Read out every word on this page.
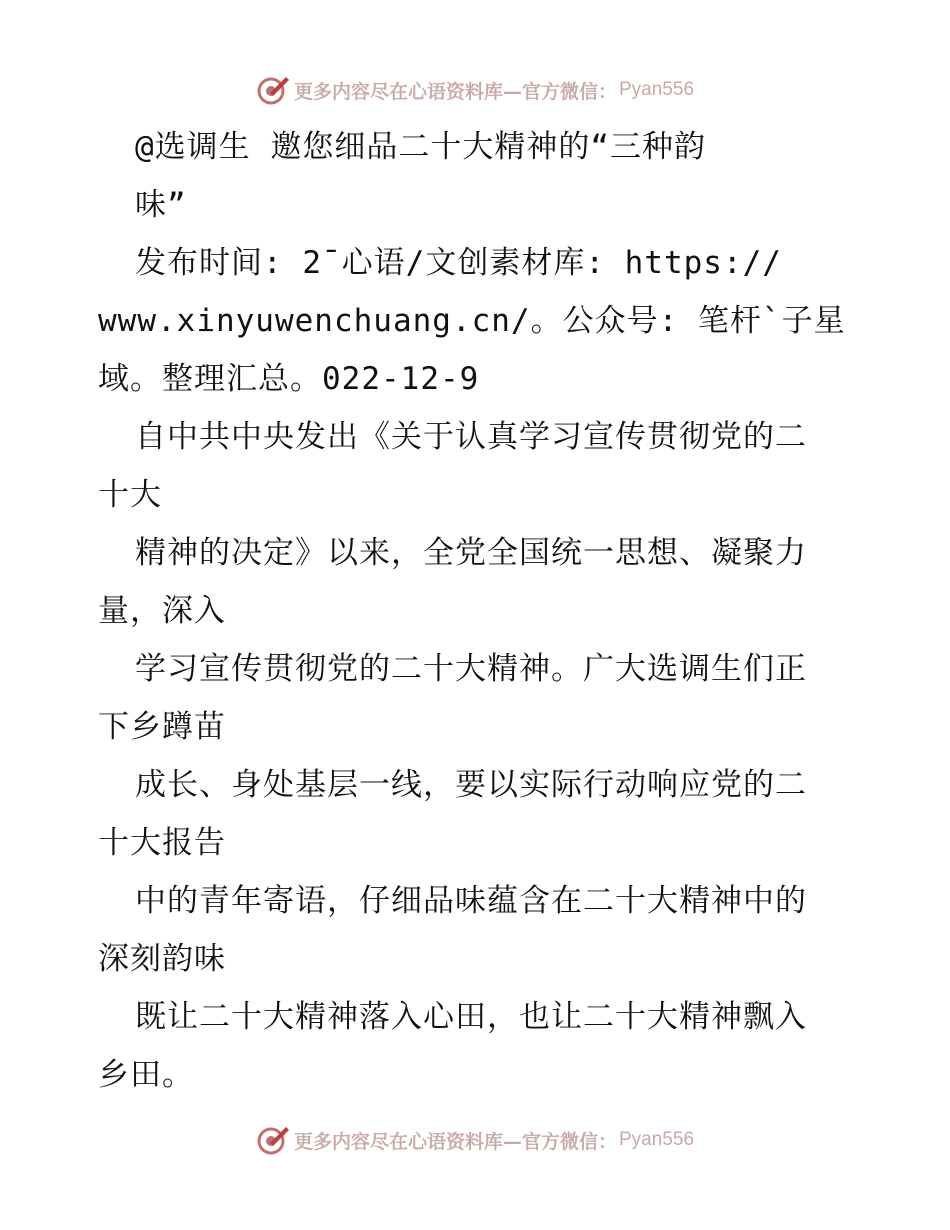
更多内容尽在心语资料库—官方微信： Pyan556
@选调生 邀您细品二十大精神的“三种韵
味”
发布时间: 2¯心语/文创素材库: https://
www.xinyuwenchuang.cn/。公众号: 笔杆`子星
域。整理汇总。022-12-9
自中共中央发出《关于认真学习宣传贯彻党的二
十大
精神的决定》以来，全党全国统一思想、凝聚力
量，深入
学习宣传贯彻党的二十大精神。广大选调生们正
下乡蹲苗
成长、身处基层一线，要以实际行动响应党的二
十大报告
中的青年寄语，仔细品味蕴含在二十大精神中的
深刻韵味
既让二十大精神落入心田，也让二十大精神飘入
乡田。
更多内容尽在心语资料库—官方微信： Pyan556
